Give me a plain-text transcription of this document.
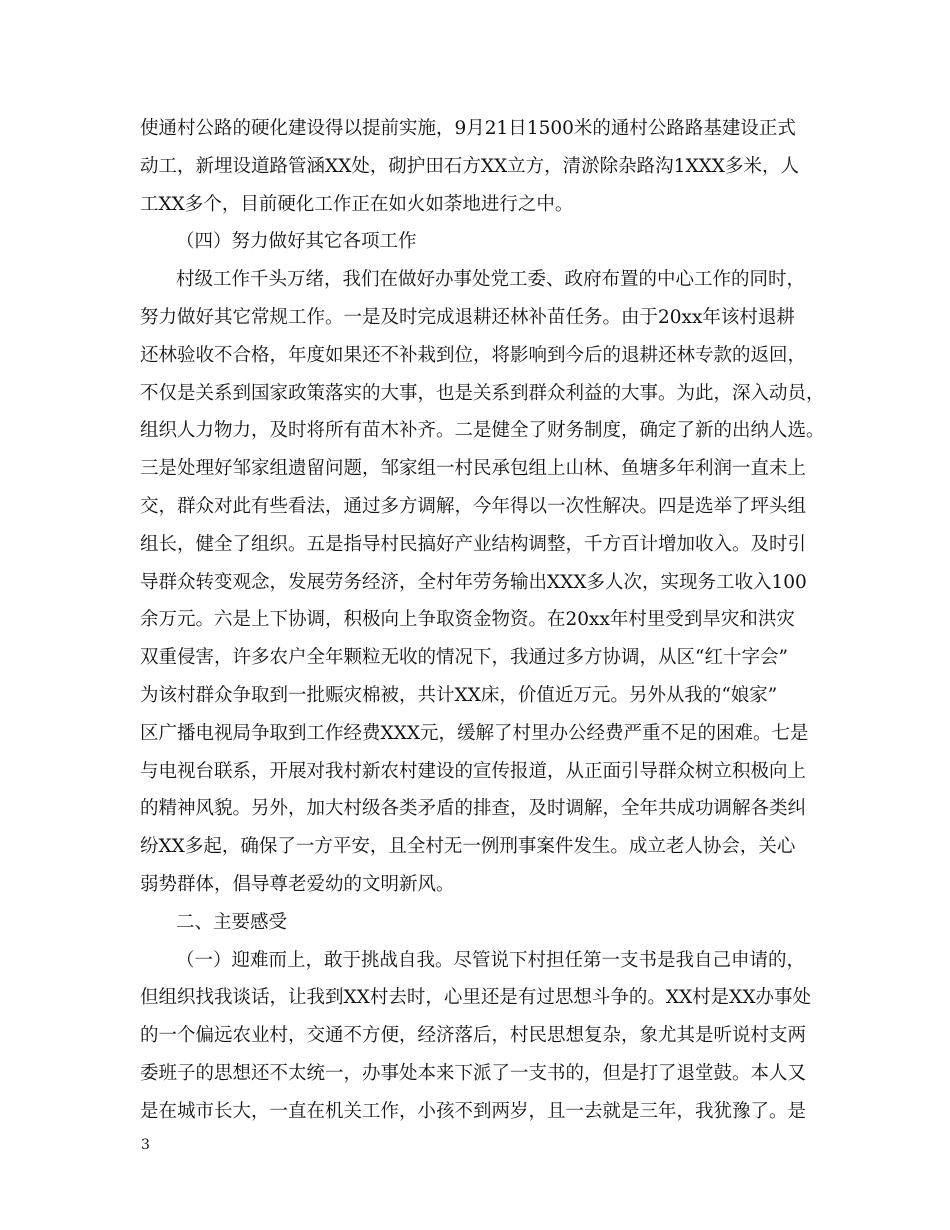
使通村公路的硬化建设得以提前实施，9月21日1500米的通村公路路基建设正式
动工，新埋设道路管涵XX处，砌护田石方XX立方，清淤除杂路沟1XXX多米，人
工XX多个，目前硬化工作正在如火如荼地进行之中。
（四）努力做好其它各项工作
村级工作千头万绪，我们在做好办事处党工委、政府布置的中心工作的同时，
努力做好其它常规工作。一是及时完成退耕还林补苗任务。由于20xx年该村退耕
还林验收不合格，年度如果还不补栽到位，将影响到今后的退耕还林专款的返回，
不仅是关系到国家政策落实的大事，也是关系到群众利益的大事。为此，深入动员，
组织人力物力，及时将所有苗木补齐。二是健全了财务制度，确定了新的出纳人选。
三是处理好邹家组遗留问题，邹家组一村民承包组上山林、鱼塘多年利润一直未上
交，群众对此有些看法，通过多方调解，今年得以一次性解决。四是选举了坪头组
组长，健全了组织。五是指导村民搞好产业结构调整，千方百计增加收入。及时引
导群众转变观念，发展劳务经济，全村年劳务输出XXX多人次，实现务工收入100
余万元。六是上下协调，积极向上争取资金物资。在20xx年村里受到旱灾和洪灾
双重侵害，许多农户全年颗粒无收的情况下，我通过多方协调，从区“红十字会”
为该村群众争取到一批赈灾棉被，共计XX床，价值近万元。另外从我的“娘家”
区广播电视局争取到工作经费XXX元，缓解了村里办公经费严重不足的困难。七是
与电视台联系，开展对我村新农村建设的宣传报道，从正面引导群众树立积极向上
的精神风貌。另外，加大村级各类矛盾的排查，及时调解，全年共成功调解各类纠
纷XX多起，确保了一方平安，且全村无一例刑事案件发生。成立老人协会，关心
弱势群体，倡导尊老爱幼的文明新风。
二、主要感受
（一）迎难而上，敢于挑战自我。尽管说下村担任第一支书是我自己申请的，
但组织找我谈话，让我到XX村去时，心里还是有过思想斗争的。XX村是XX办事处
的一个偏远农业村，交通不方便，经济落后，村民思想复杂，象尤其是听说村支两
委班子的思想还不太统一，办事处本来下派了一支书的，但是打了退堂鼓。本人又
是在城市长大，一直在机关工作，小孩不到两岁，且一去就是三年，我犹豫了。是
3
